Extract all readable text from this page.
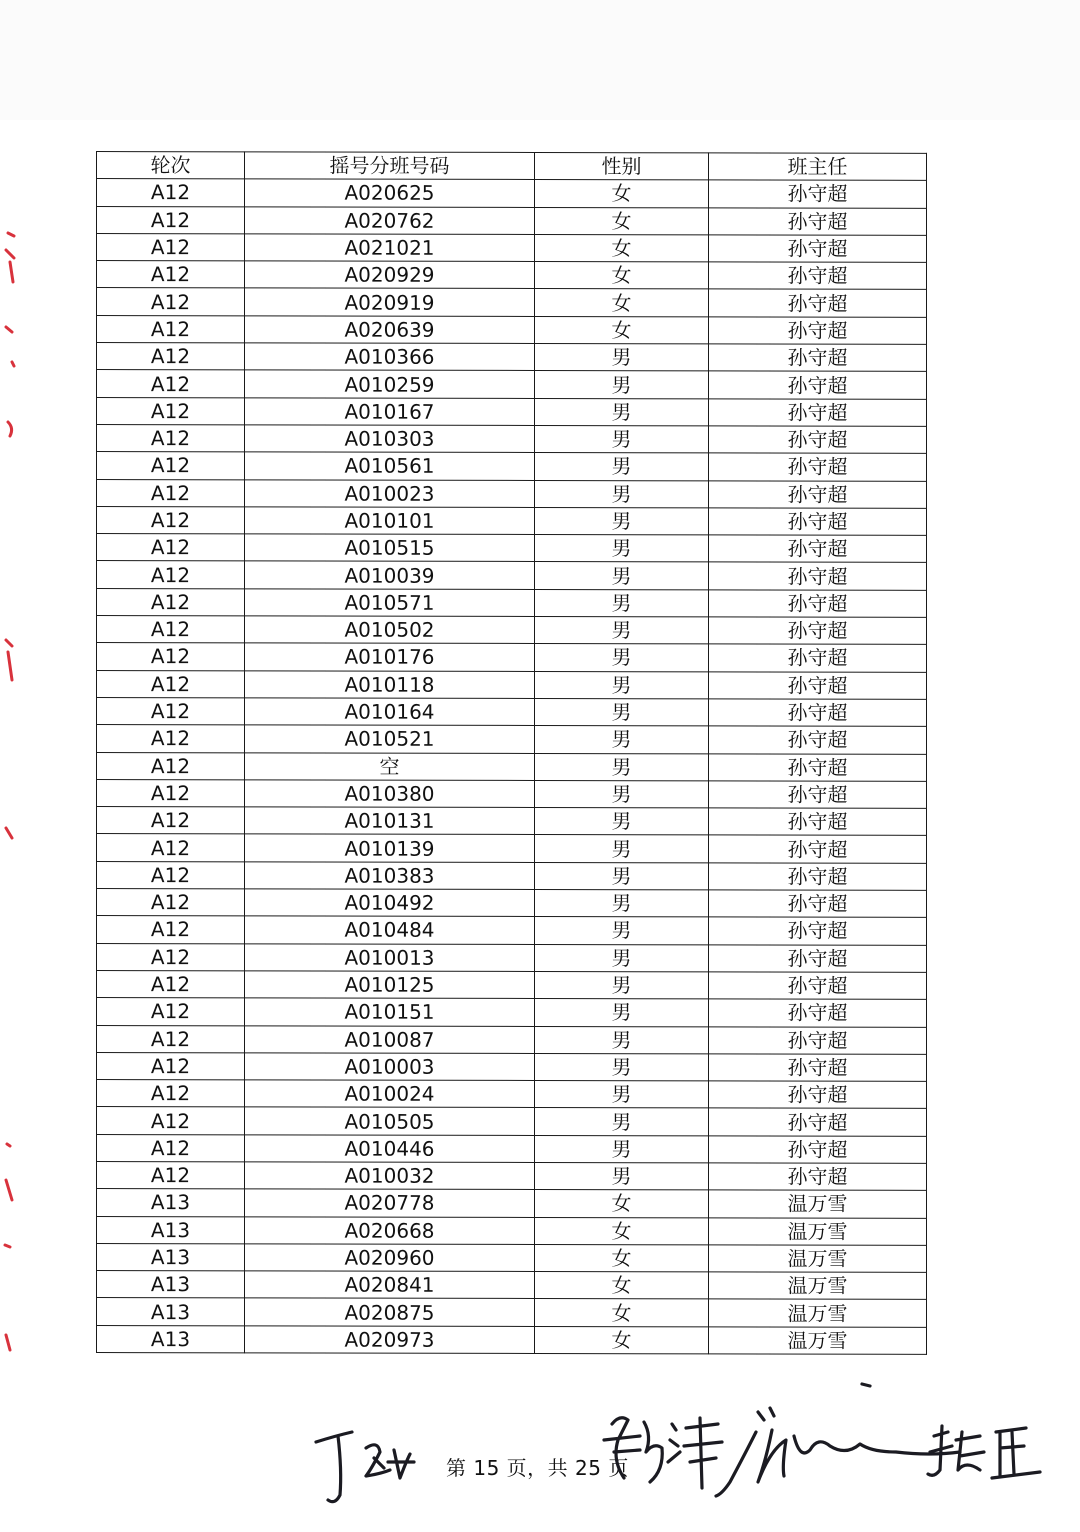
轮次	摇号分班号码	性别	班主任
A12	A020625	女	孙守超
A12	A020762	女	孙守超
A12	A021021	女	孙守超
A12	A020929	女	孙守超
A12	A020919	女	孙守超
A12	A020639	女	孙守超
A12	A010366	男	孙守超
A12	A010259	男	孙守超
A12	A010167	男	孙守超
A12	A010303	男	孙守超
A12	A010561	男	孙守超
A12	A010023	男	孙守超
A12	A010101	男	孙守超
A12	A010515	男	孙守超
A12	A010039	男	孙守超
A12	A010571	男	孙守超
A12	A010502	男	孙守超
A12	A010176	男	孙守超
A12	A010118	男	孙守超
A12	A010164	男	孙守超
A12	A010521	男	孙守超
A12	空	男	孙守超
A12	A010380	男	孙守超
A12	A010131	男	孙守超
A12	A010139	男	孙守超
A12	A010383	男	孙守超
A12	A010492	男	孙守超
A12	A010484	男	孙守超
A12	A010013	男	孙守超
A12	A010125	男	孙守超
A12	A010151	男	孙守超
A12	A010087	男	孙守超
A12	A010003	男	孙守超
A12	A010024	男	孙守超
A12	A010505	男	孙守超
A12	A010446	男	孙守超
A12	A010032	男	孙守超
A13	A020778	女	温万雪
A13	A020668	女	温万雪
A13	A020960	女	温万雪
A13	A020841	女	温万雪
A13	A020875	女	温万雪
A13	A020973	女	温万雪
第 15 页，共 25 页
